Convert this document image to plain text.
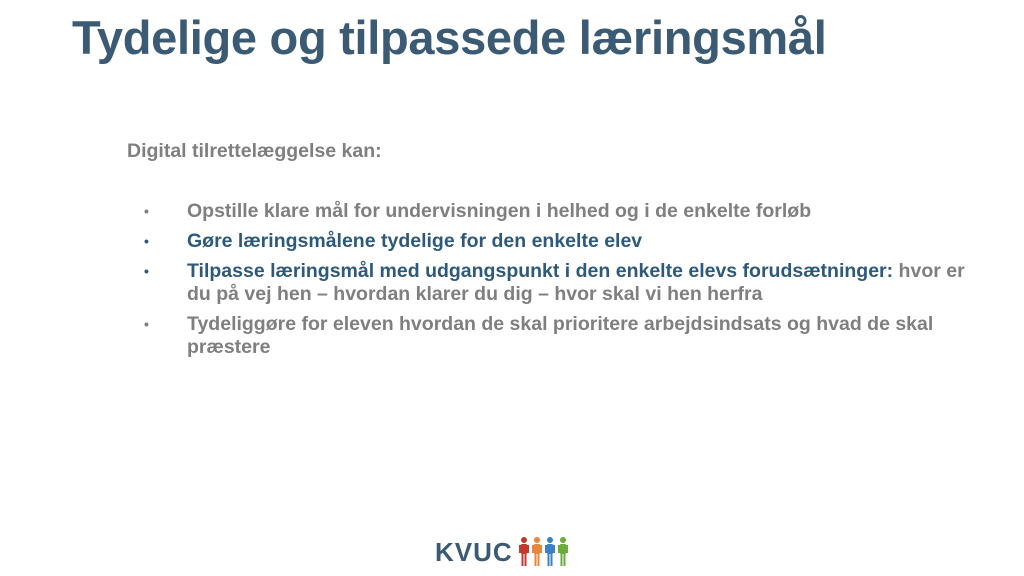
Tydelige og tilpassede læringsmål
Digital tilrettelæggelse kan:
• Opstille klare mål for undervisningen i helhed og i de enkelte forløb
• Gøre læringsmålene tydelige for den enkelte elev
• Tilpasse læringsmål med udgangspunkt i den enkelte elevs forudsætninger: hvor er du på vej hen – hvordan klarer du dig – hvor skal vi hen herfra
• Tydeliggøre for eleven hvordan de skal prioritere arbejdsindsats og hvad de skal præstere
KVUC
